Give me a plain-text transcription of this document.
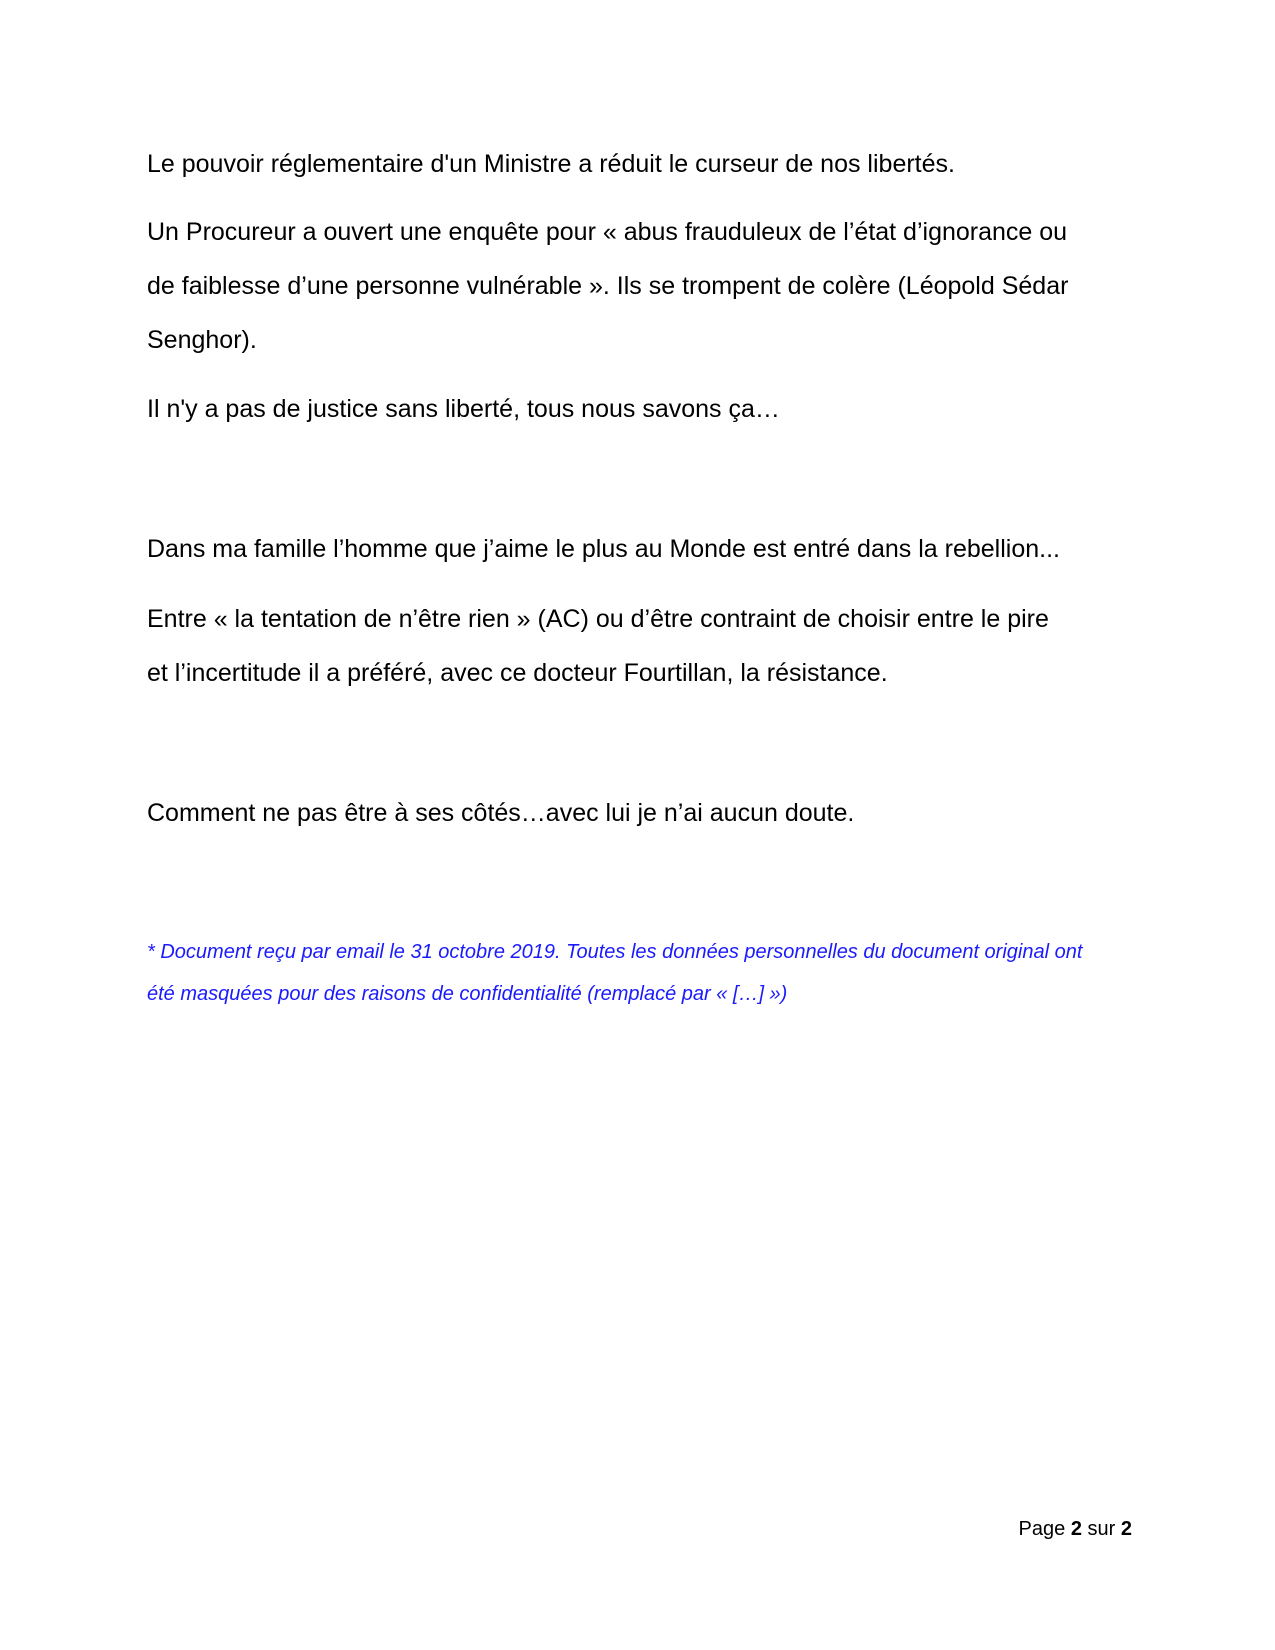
Le pouvoir réglementaire d'un Ministre a réduit le curseur de nos libertés.

Un Procureur a ouvert une enquête pour « abus frauduleux de l’état d’ignorance ou

de faiblesse d’une personne vulnérable ». Ils se trompent de colère (Léopold Sédar

Senghor).

Il n'y a pas de justice sans liberté, tous nous savons ça…

Dans ma famille l’homme que j’aime le plus au Monde est entré dans la rebellion...

Entre « la tentation de n’être rien » (AC) ou d’être contraint de choisir entre le pire

et l’incertitude il a préféré, avec ce docteur Fourtillan, la résistance.

Comment ne pas être à ses côtés…avec lui je n’ai aucun doute.

* Document reçu par email le 31 octobre 2019. Toutes les données personnelles du document original ont

été masquées pour des raisons de confidentialité (remplacé par « […] »)

Page 2 sur 2
